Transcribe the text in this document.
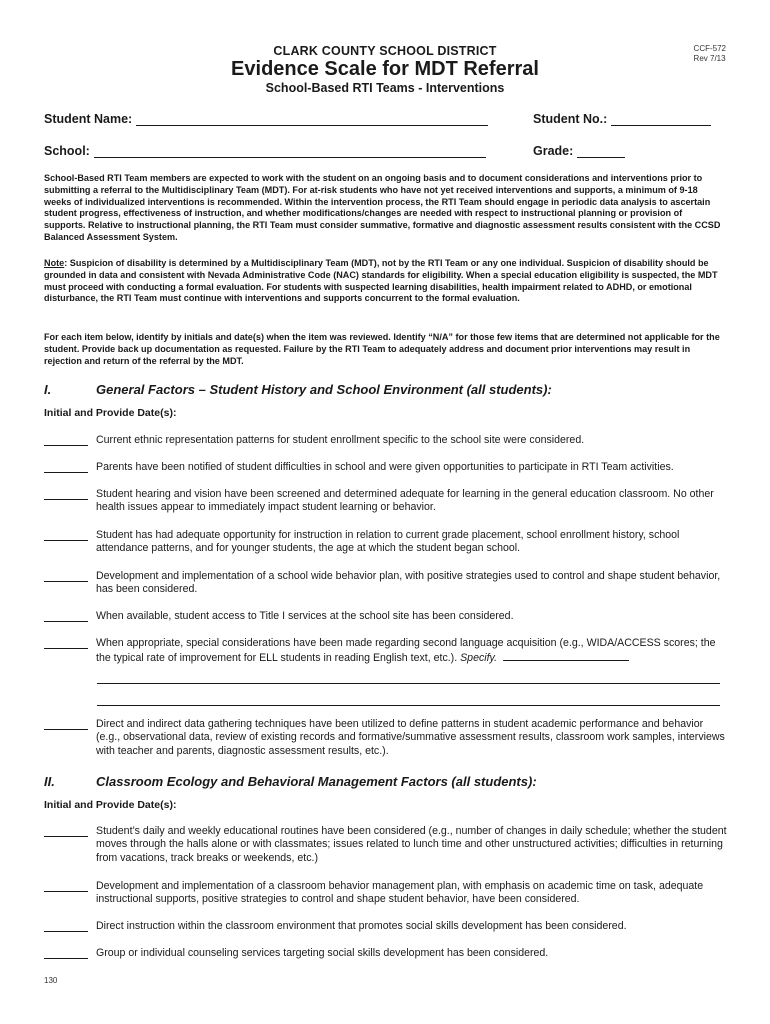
CCF-572
Rev 7/13
CLARK COUNTY SCHOOL DISTRICT
Evidence Scale for MDT Referral
School-Based RTI Teams - Interventions
Student Name:	Student No.:
School:	Grade:

School-Based RTI Team members are expected to work with the student on an ongoing basis and to document considerations and interventions prior to submitting a referral to the Multidisciplinary Team (MDT). For at-risk students who have not yet received interventions and supports, a minimum of 9-18 weeks of individualized interventions is recommended. Within the intervention process, the RTI Team should engage in periodic data analysis to ascertain student progress, effectiveness of instruction, and whether modifications/changes are needed with respect to instructional planning or provision of supports. Relative to instructional planning, the RTI Team must consider summative, formative and diagnostic assessment results consistent with the CCSD Balanced Assessment System.

Note: Suspicion of disability is determined by a Multidisciplinary Team (MDT), not by the RTI Team or any one individual. Suspicion of disability should be grounded in data and consistent with Nevada Administrative Code (NAC) standards for eligibility. When a special education eligibility is suspected, the MDT must proceed with conducting a formal evaluation. For students with suspected learning disabilities, health impairment related to ADHD, or emotional disturbance, the RTI Team must continue with interventions and supports concurrent to the formal evaluation.

For each item below, identify by initials and date(s) when the item was reviewed. Identify “N/A” for those few items that are determined not applicable for the student. Provide back up documentation as requested. Failure by the RTI Team to adequately address and document prior interventions may result in rejection and return of the referral by the MDT.

I.	General Factors – Student History and School Environment (all students):
Initial and Provide Date(s):
Current ethnic representation patterns for student enrollment specific to the school site were considered.
Parents have been notified of student difficulties in school and were given opportunities to participate in RTI Team activities.
Student hearing and vision have been screened and determined adequate for learning in the general education classroom. No other health issues appear to immediately impact student learning or behavior.
Student has had adequate opportunity for instruction in relation to current grade placement, school enrollment history, school attendance patterns, and for younger students, the age at which the student began school.
Development and implementation of a school wide behavior plan, with positive strategies used to control and shape student behavior, has been considered.
When available, student access to Title I services at the school site has been considered.
When appropriate, special considerations have been made regarding second language acquisition (e.g., WIDA/ACCESS scores; the the typical rate of improvement for ELL students in reading English text, etc.). Specify.
Direct and indirect data gathering techniques have been utilized to define patterns in student academic performance and behavior (e.g., observational data, review of existing records and formative/summative assessment results, classroom work samples, interviews with teacher and parents, diagnostic assessment results, etc.).
II.	Classroom Ecology and Behavioral Management Factors (all students):
Initial and Provide Date(s):
Student’s daily and weekly educational routines have been considered (e.g., number of changes in daily schedule; whether the student moves through the halls alone or with classmates; issues related to lunch time and other unstructured activities; difficulties in returning from vacations, track breaks or weekends, etc.)
Development and implementation of a classroom behavior management plan, with emphasis on academic time on task, adequate instructional supports, positive strategies to control and shape student behavior, have been considered.
Direct instruction within the classroom environment that promotes social skills development has been considered.
Group or individual counseling services targeting social skills development has been considered.
130
